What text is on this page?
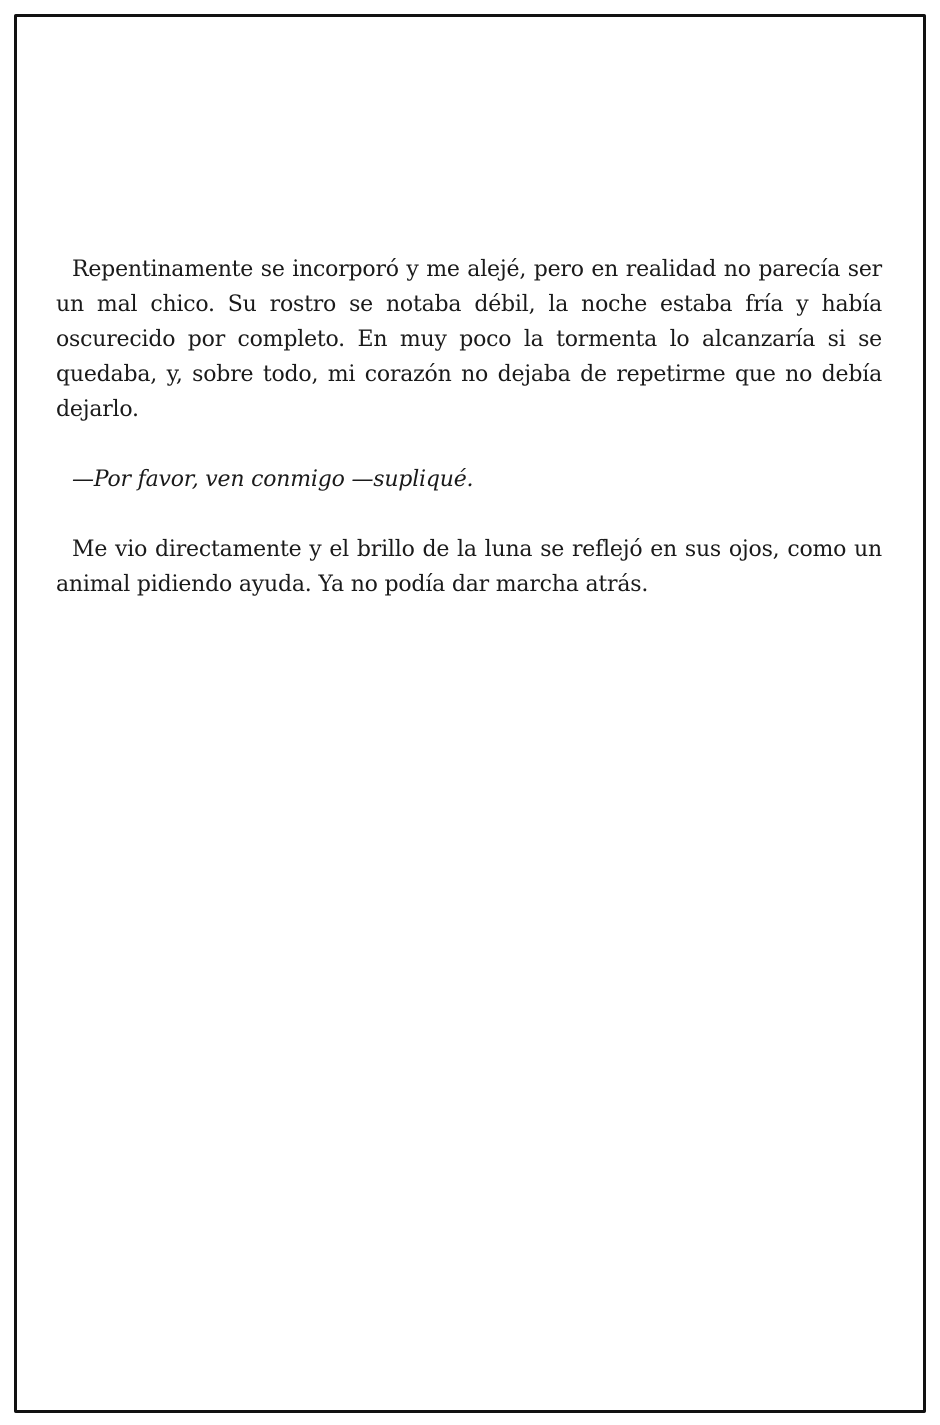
Repentinamente se incorporó y me alejé, pero en realidad no parecía ser un mal chico. Su rostro se notaba débil, la noche estaba fría y había oscurecido por completo. En muy poco la tormenta lo alcanzaría si se quedaba, y, sobre todo, mi corazón no dejaba de repetirme que no debía dejarlo.

—Por favor, ven conmigo —supliqué.

Me vio directamente y el brillo de la luna se reflejó en sus ojos, como un animal pidiendo ayuda. Ya no podía dar marcha atrás.
